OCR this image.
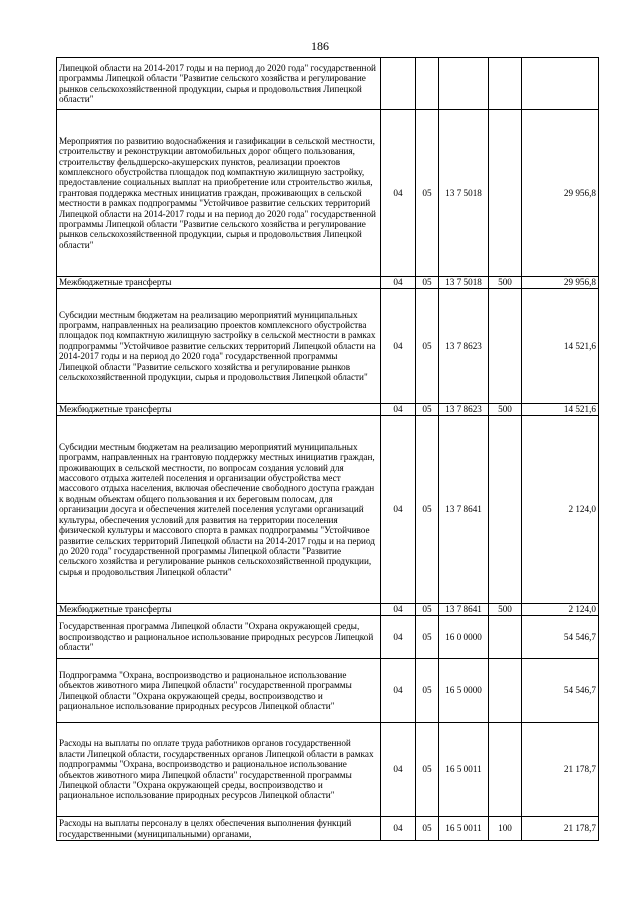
186
Липецкой области на 2014-2017 годы и на период до 2020 года" государственной программы Липецкой области "Развитие сельского хозяйства и регулирование рынков сельскохозяйственной продукции, сырья и продовольствия Липецкой области"					
Мероприятия по развитию водоснабжения и газификации в сельской местности, строительству и реконструкции автомобильных дорог общего пользования, строительству фельдшерско-акушерских пунктов, реализации проектов комплексного обустройства площадок под компактную жилищную застройку, предоставление социальных выплат на приобретение или строительство жилья, грантовая поддержка местных инициатив граждан, проживающих в сельской местности в рамках подпрограммы "Устойчивое развитие сельских территорий Липецкой области на 2014-2017 годы и на период до 2020 года" государственной программы Липецкой области "Развитие сельского хозяйства и регулирование рынков сельскохозяйственной продукции, сырья и продовольствия Липецкой области"	04	05	13 7 5018		29 956,8
Межбюджетные трансферты	04	05	13 7 5018	500	29 956,8
Субсидии местным бюджетам на реализацию мероприятий муниципальных программ, направленных на реализацию проектов комплексного обустройства площадок под компактную жилищную застройку в сельской местности в рамках подпрограммы "Устойчивое развитие сельских территорий Липецкой области на 2014-2017 годы и на период до 2020 года" государственной программы Липецкой области "Развитие сельского хозяйства и регулирование рынков сельскохозяйственной продукции, сырья и продовольствия Липецкой области"	04	05	13 7 8623		14 521,6
Межбюджетные трансферты	04	05	13 7 8623	500	14 521,6
Субсидии местным бюджетам на реализацию мероприятий муниципальных программ, направленных на грантовую поддержку местных инициатив граждан, проживающих в сельской местности, по вопросам создания условий для массового отдыха жителей поселения и организации обустройства мест массового отдыха населения, включая обеспечение свободного доступа граждан к водным объектам общего пользования и их береговым полосам, для организации досуга и обеспечения жителей поселения услугами организаций культуры, обеспечения условий для развития на территории поселения физической культуры и массового спорта в рамках подпрограммы "Устойчивое развитие сельских территорий Липецкой области на 2014-2017 годы и на период до 2020 года" государственной программы Липецкой области "Развитие сельского хозяйства и регулирование рынков сельскохозяйственной продукции, сырья и продовольствия Липецкой области"	04	05	13 7 8641		2 124,0
Межбюджетные трансферты	04	05	13 7 8641	500	2 124,0
Государственная программа Липецкой области "Охрана окружающей среды, воспроизводство и рациональное использование природных ресурсов Липецкой области"	04	05	16 0 0000		54 546,7
Подпрограмма "Охрана, воспроизводство и рациональное использование объектов животного мира Липецкой области" государственной программы Липецкой области "Охрана окружающей среды, воспроизводство и рациональное использование природных ресурсов Липецкой области"	04	05	16 5 0000		54 546,7
Расходы на выплаты по оплате труда работников органов государственной власти Липецкой области, государственных органов Липецкой области в рамках подпрограммы "Охрана, воспроизводство и рациональное использование объектов животного мира Липецкой области" государственной программы Липецкой области "Охрана окружающей среды, воспроизводство и рациональное использование природных ресурсов Липецкой области"	04	05	16 5 0011		21 178,7
Расходы на выплаты персоналу в целях обеспечения выполнения функций государственными (муниципальными) органами,	04	05	16 5 0011	100	21 178,7
